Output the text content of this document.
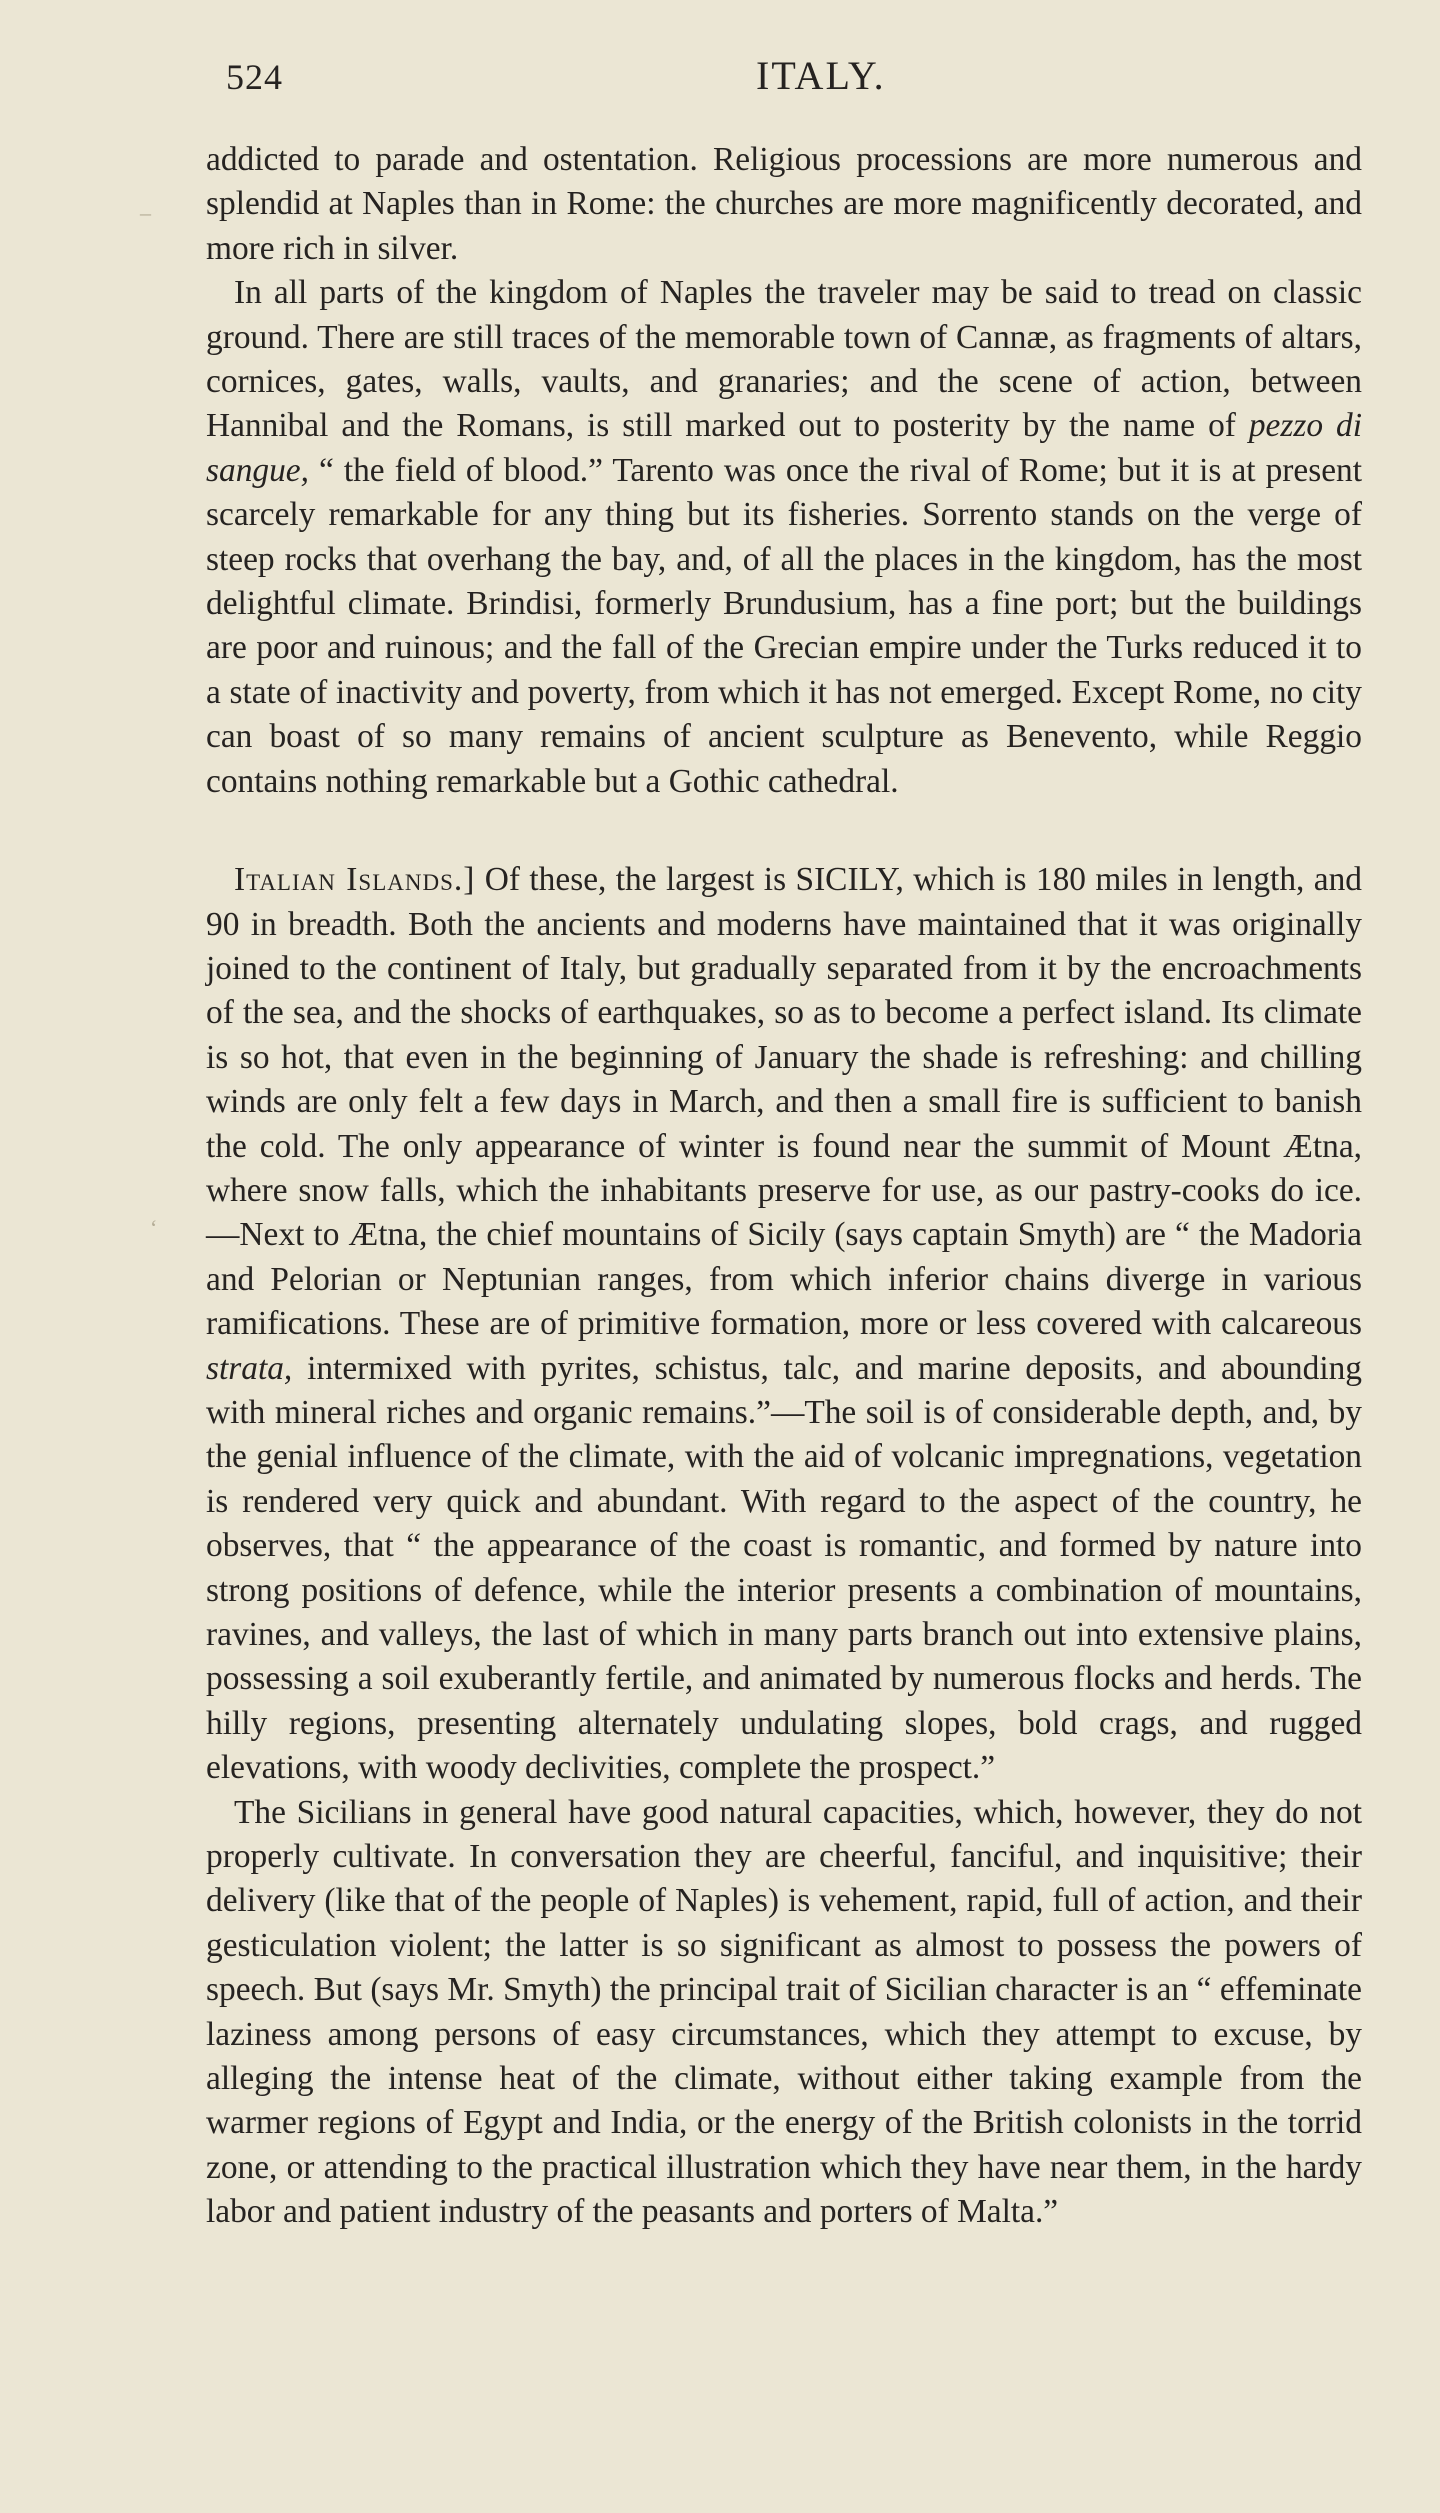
–
‘
524	ITALY.

addicted to parade and ostentation. Religious processions are more numerous and splendid at Naples than in Rome: the churches are more magnificently decorated, and more rich in silver.

In all parts of the kingdom of Naples the traveler may be said to tread on classic ground. There are still traces of the memorable town of Cannæ, as fragments of altars, cornices, gates, walls, vaults, and granaries; and the scene of action, between Hannibal and the Romans, is still marked out to posterity by the name of pezzo di sangue, “ the field of blood.” Tarento was once the rival of Rome; but it is at present scarcely remarkable for any thing but its fisheries. Sorrento stands on the verge of steep rocks that overhang the bay, and, of all the places in the kingdom, has the most delightful climate. Brindisi, formerly Brundusium, has a fine port; but the buildings are poor and ruinous; and the fall of the Grecian empire under the Turks reduced it to a state of inactivity and poverty, from which it has not emerged. Except Rome, no city can boast of so many remains of ancient sculpture as Benevento, while Reggio contains nothing remarkable but a Gothic cathedral.

Italian Islands.] Of these, the largest is SICILY, which is 180 miles in length, and 90 in breadth. Both the ancients and moderns have maintained that it was originally joined to the continent of Italy, but gradually separated from it by the encroachments of the sea, and the shocks of earthquakes, so as to become a perfect island. Its climate is so hot, that even in the beginning of January the shade is refreshing: and chilling winds are only felt a few days in March, and then a small fire is sufficient to banish the cold. The only appearance of winter is found near the summit of Mount Ætna, where snow falls, which the inhabitants preserve for use, as our pastry-cooks do ice.—Next to Ætna, the chief mountains of Sicily (says captain Smyth) are “ the Madoria and Pelorian or Neptunian ranges, from which inferior chains diverge in various ramifications. These are of primitive formation, more or less covered with calcareous strata, intermixed with pyrites, schistus, talc, and marine deposits, and abounding with mineral riches and organic remains.”—The soil is of considerable depth, and, by the genial influence of the climate, with the aid of volcanic impregnations, vegetation is rendered very quick and abundant. With regard to the aspect of the country, he observes, that “ the appearance of the coast is romantic, and formed by nature into strong positions of defence, while the interior presents a combination of mountains, ravines, and valleys, the last of which in many parts branch out into extensive plains, possessing a soil exuberantly fertile, and animated by numerous flocks and herds. The hilly regions, presenting alternately undulating slopes, bold crags, and rugged elevations, with woody declivities, complete the prospect.”

The Sicilians in general have good natural capacities, which, however, they do not properly cultivate. In conversation they are cheerful, fanciful, and inquisitive; their delivery (like that of the people of Naples) is vehement, rapid, full of action, and their gesticulation violent; the latter is so significant as almost to possess the powers of speech. But (says Mr. Smyth) the principal trait of Sicilian character is an “ effeminate laziness among persons of easy circumstances, which they attempt to excuse, by alleging the intense heat of the climate, without either taking example from the warmer regions of Egypt and India, or the energy of the British colonists in the torrid zone, or attending to the practical illustration which they have near them, in the hardy labor and patient industry of the peasants and porters of Malta.”
